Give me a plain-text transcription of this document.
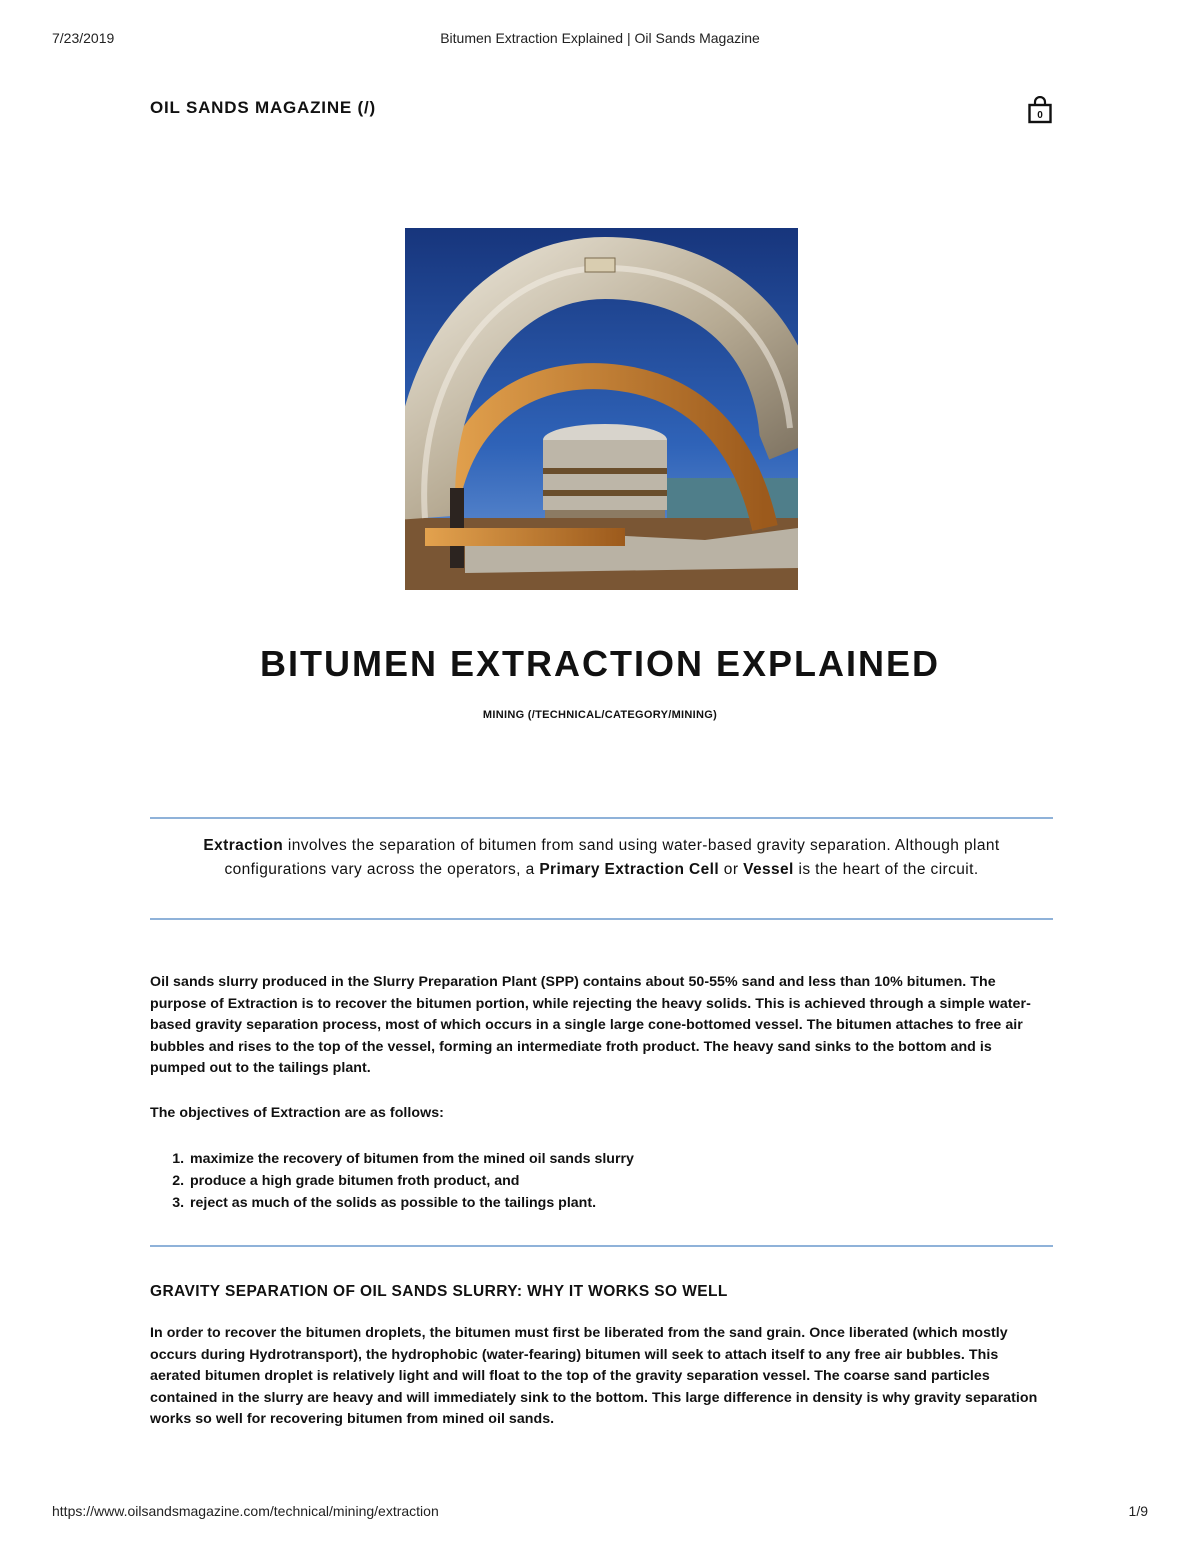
7/23/2019	Bitumen Extraction Explained | Oil Sands Magazine
OIL SANDS MAGAZINE (/)	0
BITUMEN EXTRACTION EXPLAINED
MINING (/TECHNICAL/CATEGORY/MINING)

Extraction involves the separation of bitumen from sand using water-based gravity separation. Although plant configurations vary across the operators, a Primary Extraction Cell or Vessel is the heart of the circuit.

Oil sands slurry produced in the Slurry Preparation Plant (SPP) contains about 50-55% sand and less than 10% bitumen. The purpose of Extraction is to recover the bitumen portion, while rejecting the heavy solids. This is achieved through a simple water-based gravity separation process, most of which occurs in a single large cone-bottomed vessel. The bitumen attaches to free air bubbles and rises to the top of the vessel, forming an intermediate froth product. The heavy sand sinks to the bottom and is pumped out to the tailings plant.

The objectives of Extraction are as follows:

1. maximize the recovery of bitumen from the mined oil sands slurry
2. produce a high grade bitumen froth product, and
3. reject as much of the solids as possible to the tailings plant.
GRAVITY SEPARATION OF OIL SANDS SLURRY: WHY IT WORKS SO WELL

In order to recover the bitumen droplets, the bitumen must first be liberated from the sand grain. Once liberated (which mostly occurs during Hydrotransport), the hydrophobic (water-fearing) bitumen will seek to attach itself to any free air bubbles. This aerated bitumen droplet is relatively light and will float to the top of the gravity separation vessel. The coarse sand particles contained in the slurry are heavy and will immediately sink to the bottom. This large difference in density is why gravity separation works so well for recovering bitumen from mined oil sands.

https://www.oilsandsmagazine.com/technical/mining/extraction	1/9
